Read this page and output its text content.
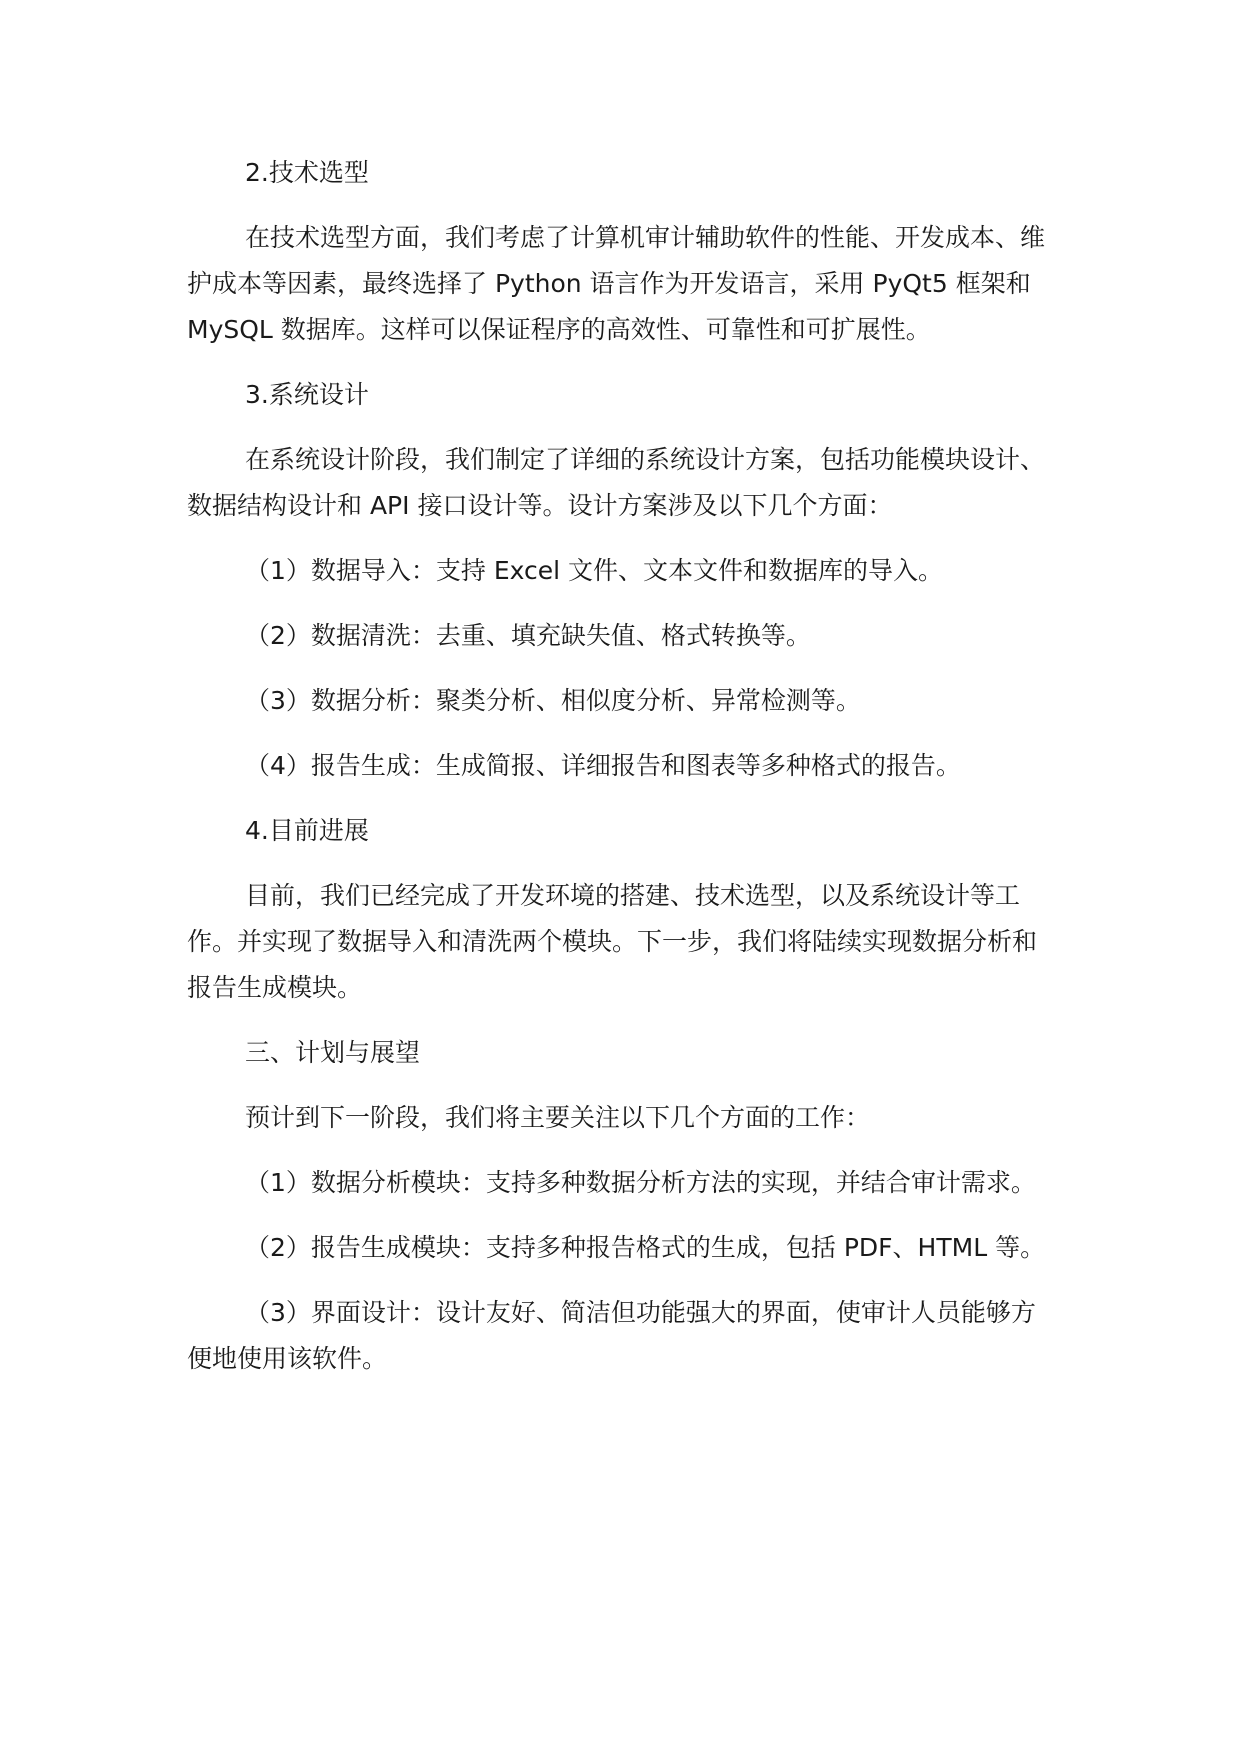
2.技术选型

在技术选型方面，我们考虑了计算机审计辅助软件的性能、开发成本、维护成本等因素，最终选择了 Python 语言作为开发语言，采用 PyQt5 框架和 MySQL 数据库。这样可以保证程序的高效性、可靠性和可扩展性。

3.系统设计

在系统设计阶段，我们制定了详细的系统设计方案，包括功能模块设计、数据结构设计和 API 接口设计等。设计方案涉及以下几个方面：

（1）数据导入：支持 Excel 文件、文本文件和数据库的导入。

（2）数据清洗：去重、填充缺失值、格式转换等。

（3）数据分析：聚类分析、相似度分析、异常检测等。

（4）报告生成：生成简报、详细报告和图表等多种格式的报告。

4.目前进展

目前，我们已经完成了开发环境的搭建、技术选型，以及系统设计等工作。并实现了数据导入和清洗两个模块。下一步，我们将陆续实现数据分析和报告生成模块。

三、计划与展望

预计到下一阶段，我们将主要关注以下几个方面的工作：

（1）数据分析模块：支持多种数据分析方法的实现，并结合审计需求。

（2）报告生成模块：支持多种报告格式的生成，包括 PDF、HTML 等。

（3）界面设计：设计友好、简洁但功能强大的界面，使审计人员能够方便地使用该软件。
